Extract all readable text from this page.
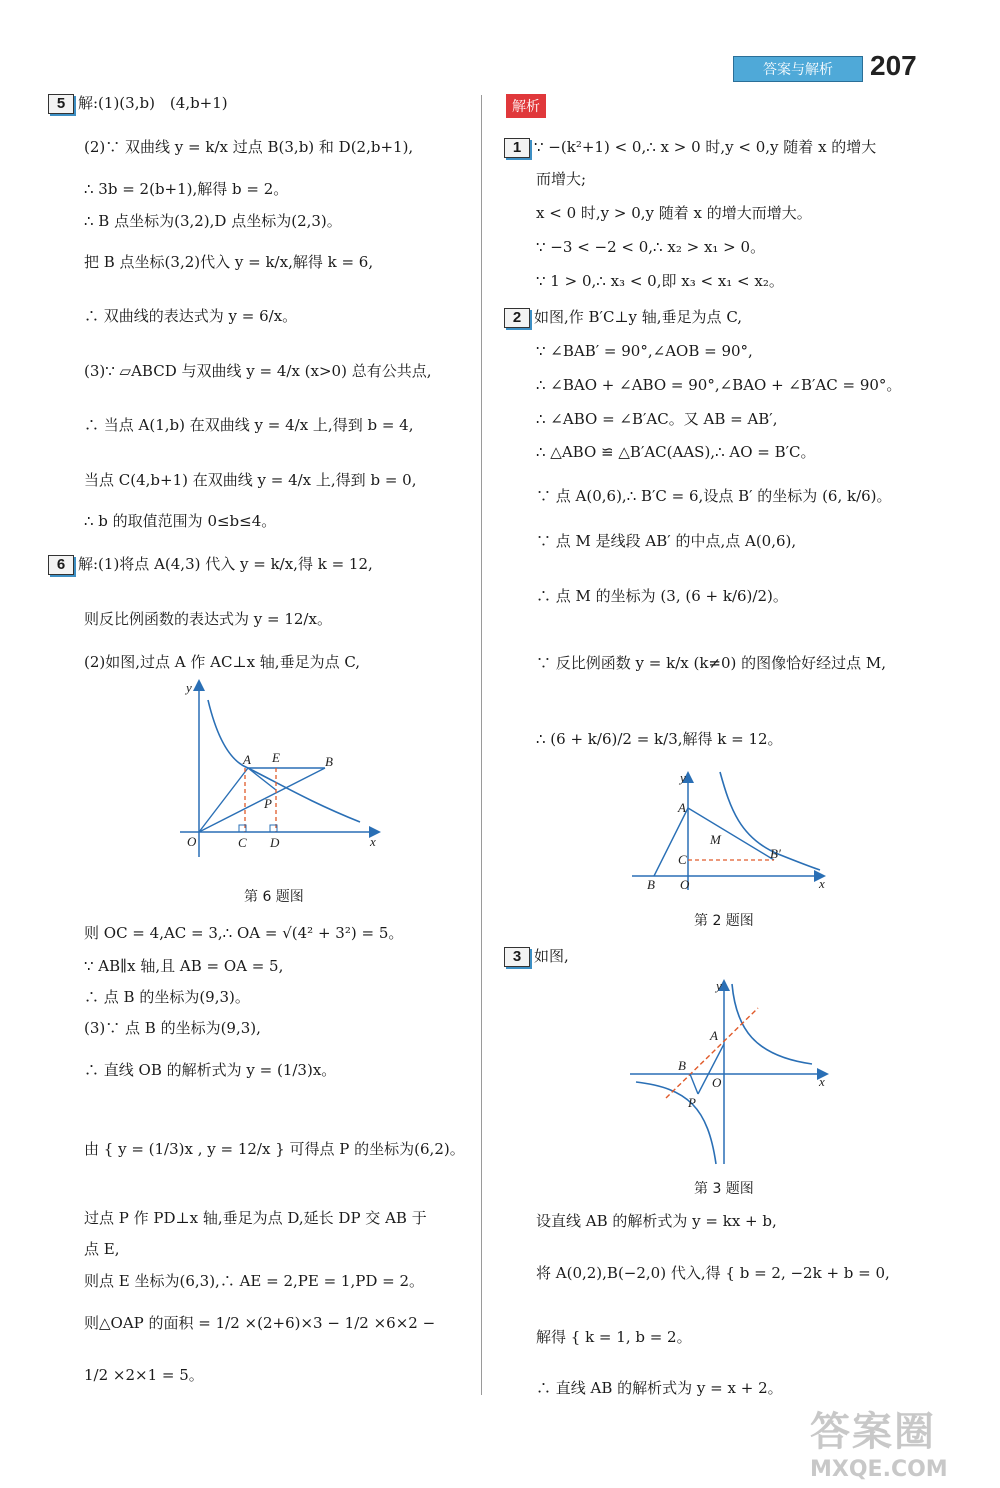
答案与解析	207
5 解:(1)(3,b)　(4,b+1)
(2)∵ 双曲线 y = k/x 过点 B(3,b) 和 D(2,b+1),
∴ 3b = 2(b+1),解得 b = 2。
∴ B 点坐标为(3,2),D 点坐标为(2,3)。
把 B 点坐标(3,2)代入 y = k/x,解得 k = 6,
∴ 双曲线的表达式为 y = 6/x。
(3)∵ ▱ABCD 与双曲线 y = 4/x (x>0) 总有公共点,
∴ 当点 A(1,b) 在双曲线 y = 4/x 上,得到 b = 4,
当点 C(4,b+1) 在双曲线 y = 4/x 上,得到 b = 0,
∴ b 的取值范围为 0≤b≤4。
6 解:(1)将点 A(4,3) 代入 y = k/x,得 k = 12,
则反比例函数的表达式为 y = 12/x。
(2)如图,过点 A 作 AC⊥x 轴,垂足为点 C,
y
x
O
A E	B
P
C D
第 6 题图
则 OC = 4,AC = 3,∴ OA = √(4² + 3²) = 5。
∵ AB∥x 轴,且 AB = OA = 5,
∴ 点 B 的坐标为(9,3)。
(3)∵ 点 B 的坐标为(9,3),
∴ 直线 OB 的解析式为 y = (1/3)x。
由 { y = (1/3)x , y = 12/x } 可得点 P 的坐标为(6,2)。
过点 P 作 PD⊥x 轴,垂足为点 D,延长 DP 交 AB 于
点 E,
则点 E 坐标为(6,3),∴ AE = 2,PE = 1,PD = 2。
则△OAP 的面积 = 1/2 ×(2+6)×3 − 1/2 ×6×2 −
1/2 ×2×1 = 5。
解析
1 ∵ −(k²+1) < 0,∴ x > 0 时,y < 0,y 随着 x 的增大
而增大;
x < 0 时,y > 0,y 随着 x 的增大而增大。
∵ −3 < −2 < 0,∴ x₂ > x₁ > 0。
∵ 1 > 0,∴ x₃ < 0,即 x₃ < x₁ < x₂。
2 如图,作 B′C⊥y 轴,垂足为点 C,
∵ ∠BAB′ = 90°,∠AOB = 90°,
∴ ∠BAO + ∠ABO = 90°,∠BAO + ∠B′AC = 90°。
∴ ∠ABO = ∠B′AC。又 AB = AB′,
∴ △ABO ≌ △B′AC(AAS),∴ AO = B′C。
∵ 点 A(0,6),∴ B′C = 6,设点 B′ 的坐标为 (6, k/6)。
∵ 点 M 是线段 AB′ 的中点,点 A(0,6),
∴ 点 M 的坐标为 (3, (6 + k/6)/2)。
∵ 反比例函数 y = k/x (k≠0) 的图像恰好经过点 M,
∴ (6 + k/6)/2 = k/3,解得 k = 12。
y
x
A
M
C	B′
B O
第 2 题图
3 如图,
y
x
A
B
O
P
第 3 题图
设直线 AB 的解析式为 y = kx + b,
将 A(0,2),B(−2,0) 代入,得 { b = 2, −2k + b = 0,
解得 { k = 1, b = 2。
∴ 直线 AB 的解析式为 y = x + 2。
答案圈
MXQE.COM
